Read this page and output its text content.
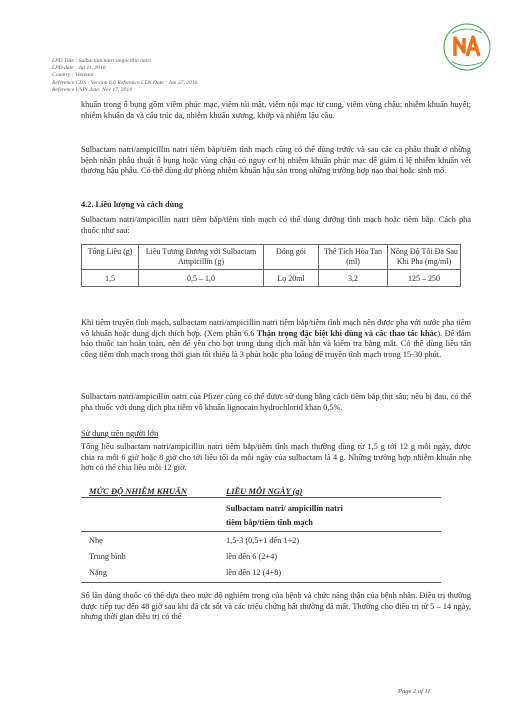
LPD Title : Sulbactam natri/ampicillin natri
LPD date : Jul 11, 2016
Country : Vietnam
Reference CDS : Version 6.0 Reference CDS Date : Jun 27, 2016
Reference USPI date: Nov 17, 2014
khuẩn trong ổ bụng gồm viêm phúc mạc, viêm túi mật, viêm nội mạc tử cung, viêm vùng chậu; nhiễm khuẩn huyết; nhiễm khuẩn da và cấu trúc da, nhiễm khuẩn xương, khớp và nhiễm lậu cầu.
Sulbactam natri/ampicillin natri tiêm bắp/tiêm tĩnh mạch cũng có thể dùng trước và sau các ca phẫu thuật ở những bệnh nhân phẫu thuật ổ bụng hoặc vùng chậu có nguy cơ bị nhiễm khuẩn phúc mạc để giảm tỉ lệ nhiễm khuẩn vết thương hậu phẫu. Có thể dùng dự phòng nhiễm khuẩn hậu sản trong những trường hợp nạo thai hoặc sinh mổ.
4.2. Liều lượng và cách dùng
Sulbactam natri/ampicillin natri tiêm bắp/tiêm tĩnh mạch có thể dùng đường tĩnh mạch hoặc tiêm bắp. Cách pha thuốc như sau:
Tổng Liều (g)	Liều Tương Đương với Sulbactam Ampicillin (g)	Đóng gói	Thể Tích Hòa Tan (ml)	Nồng Độ Tối Đa Sau Khi Pha (mg/ml)
1,5	0,5 – 1,0	Lọ 20ml	3,2	125 – 250
Khi tiêm truyền tĩnh mạch, sulbactam natri/ampicillin natri tiêm bắp/tiêm tĩnh mạch nên được pha với nước pha tiêm vô khuẩn hoặc dung dịch thích hợp. (Xem phần 6.6 Thận trọng đặc biệt khi dùng và các thao tác khác). Để đảm bảo thuốc tan hoàn toàn, nên để yên cho bọt trong dung dịch mất hẳn và kiểm tra bằng mắt. Có thể dùng liều tấn công tiêm tĩnh mạch trong thời gian tối thiểu là 3 phút hoặc pha loãng để truyền tĩnh mạch trong 15-30 phút.
Sulbactam natri/ampicillin natri của Pfizer cũng có thể được sử dụng bằng cách tiêm bắp thịt sâu; nếu bị đau, có thể pha thuốc với dung dịch pha tiêm vô khuẩn lignocain hydrochlorid khan 0,5%.
Sử dụng trên người lớn
Tổng liều sulbactam natri/ampicillin natri tiêm bắp/tiêm tĩnh mạch thường dùng từ 1,5 g tới 12 g mỗi ngày, được chia ra mỗi 6 giờ hoặc 8 giờ cho tới liều tối đa mỗi ngày của sulbactam là 4 g. Những trường hợp nhiễm khuẩn nhẹ hơn có thể chia liều mỗi 12 giờ.
MỨC ĐỘ NHIỄM KHUẨN	LIỀU MỖI NGÀY (g)
Sulbactam natri/ ampicillin natri
tiêm bắp/tiêm tĩnh mạch
Nhẹ	1,5-3 (0,5+1 đến 1+2)
Trung bình	lên đến 6 (2+4)
Nặng	lên đến 12 (4+8)
Số lần dùng thuốc có thể dựa theo mức độ nghiêm trọng của bệnh và chức năng thận của bệnh nhân. Điều trị thường được tiếp tục đến 48 giờ sau khi đã cắt sốt và các triệu chứng bất thường đã mất. Thường cho điều trị từ 5 – 14 ngày, nhưng thời gian điều trị có thể
Page 2 of 11
